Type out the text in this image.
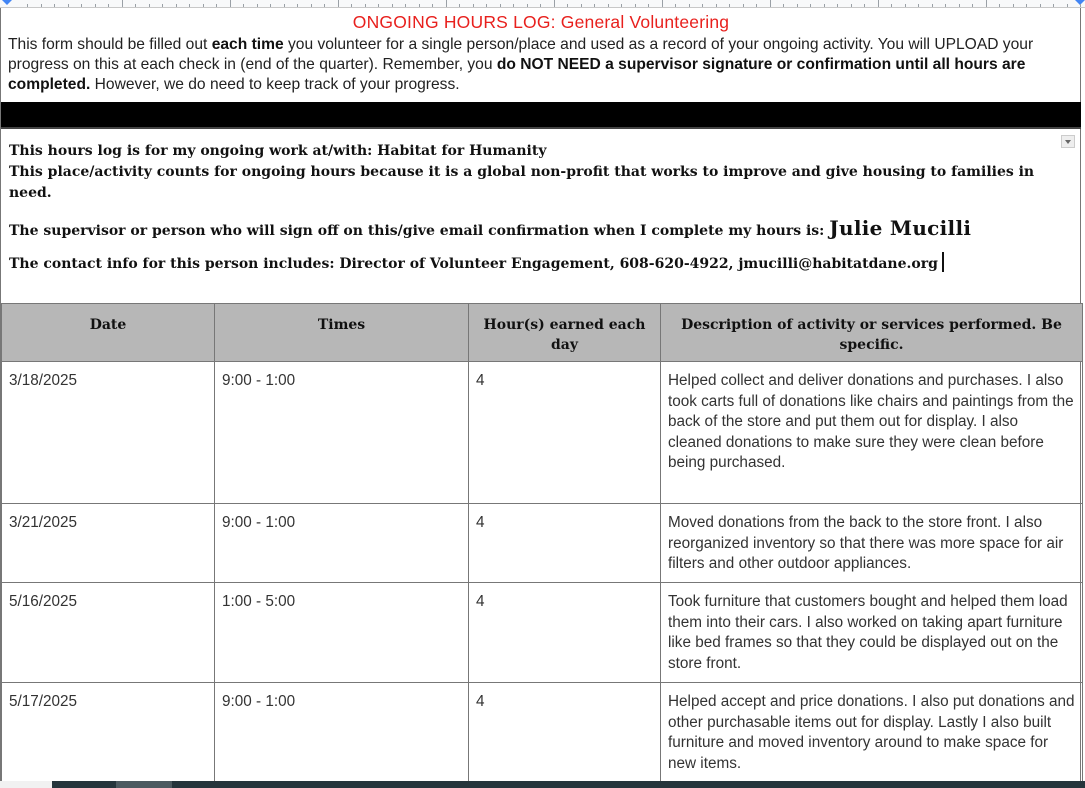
ONGOING HOURS LOG: General Volunteering
This form should be filled out each time you volunteer for a single person/place and used as a record of your ongoing activity. You will UPLOAD your progress on this at each check in (end of the quarter). Remember, you do NOT NEED a supervisor signature or confirmation until all hours are completed. However, we do need to keep track of your progress.
This hours log is for my ongoing work at/with: Habitat for Humanity
This place/activity counts for ongoing hours because it is a global non-profit that works to improve and give housing to families in need.
The supervisor or person who will sign off on this/give email confirmation when I complete my hours is: Julie Mucilli
The contact info for this person includes: Director of Volunteer Engagement, 608-620-4922, jmucilli@habitatdane.org
Date	Times	Hour(s) earned each day	Description of activity or services performed. Be specific.
3/18/2025	9:00 - 1:00	4	Helped collect and deliver donations and purchases. I also took carts full of donations like chairs and paintings from the back of the store and put them out for display. I also cleaned donations to make sure they were clean before being purchased.
3/21/2025	9:00 - 1:00	4	Moved donations from the back to the store front. I also reorganized inventory so that there was more space for air filters and other outdoor appliances.
5/16/2025	1:00 - 5:00	4	Took furniture that customers bought and helped them load them into their cars. I also worked on taking apart furniture like bed frames so that they could be displayed out on the store front.
5/17/2025	9:00 - 1:00	4	Helped accept and price donations. I also put donations and other purchasable items out for display. Lastly I also built furniture and moved inventory around to make space for new items.
